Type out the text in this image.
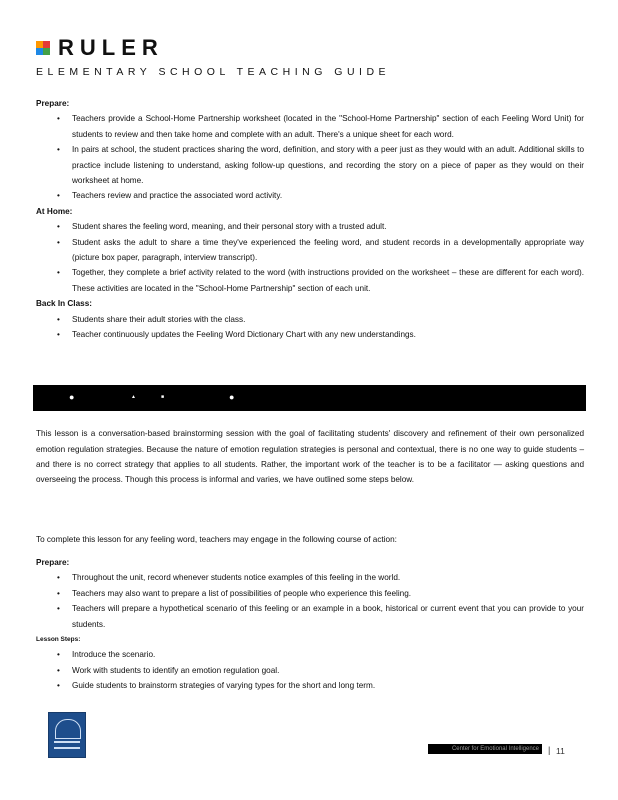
RULER
ELEMENTARY SCHOOL TEACHING GUIDE

Prepare:

• Teachers provide a School-Home Partnership worksheet (located in the "School-Home Partnership" section of each Feeling Word Unit) for students to review and then take home and complete with an adult. There's a unique sheet for each word.
• In pairs at school, the student practices sharing the word, definition, and story with a peer just as they would with an adult. Additional skills to practice include listening to understand, asking follow-up questions, and recording the story on a piece of paper as they would on their worksheet at home.
• Teachers review and practice the associated word activity.

At Home:

• Student shares the feeling word, meaning, and their personal story with a trusted adult.
• Student asks the adult to share a time they've experienced the feeling word, and student records in a developmentally appropriate way (picture box paper, paragraph, interview transcript).
• Together, they complete a brief activity related to the word (with instructions provided on the worksheet – these are different for each word). These activities are located in the "School-Home Partnership" section of each unit.

Back In Class:

• Students share their adult stories with the class.
• Teacher continuously updates the Feeling Word Dictionary Chart with any new understandings.
●	▲	■	●

This lesson is a conversation-based brainstorming session with the goal of facilitating students' discovery and refinement of their own personalized emotion regulation strategies. Because the nature of emotion regulation strategies is personal and contextual, there is no one way to guide students – and there is no correct strategy that applies to all students. Rather, the important work of the teacher is to be a facilitator — asking questions and overseeing the process. Though this process is informal and varies, we have outlined some steps below.

To complete this lesson for any feeling word, teachers may engage in the following course of action:

Prepare:

• Throughout the unit, record whenever students notice examples of this feeling in the world.
• Teachers may also want to prepare a list of possibilities of people who experience this feeling.
• Teachers will prepare a hypothetical scenario of this feeling or an example in a book, historical or current event that you can provide to your students.

Lesson Steps:

• Introduce the scenario.
• Work with students to identify an emotion regulation goal.
• Guide students to brainstorm strategies of varying types for the short and long term.
Center for Emotional Intelligence	| 11
